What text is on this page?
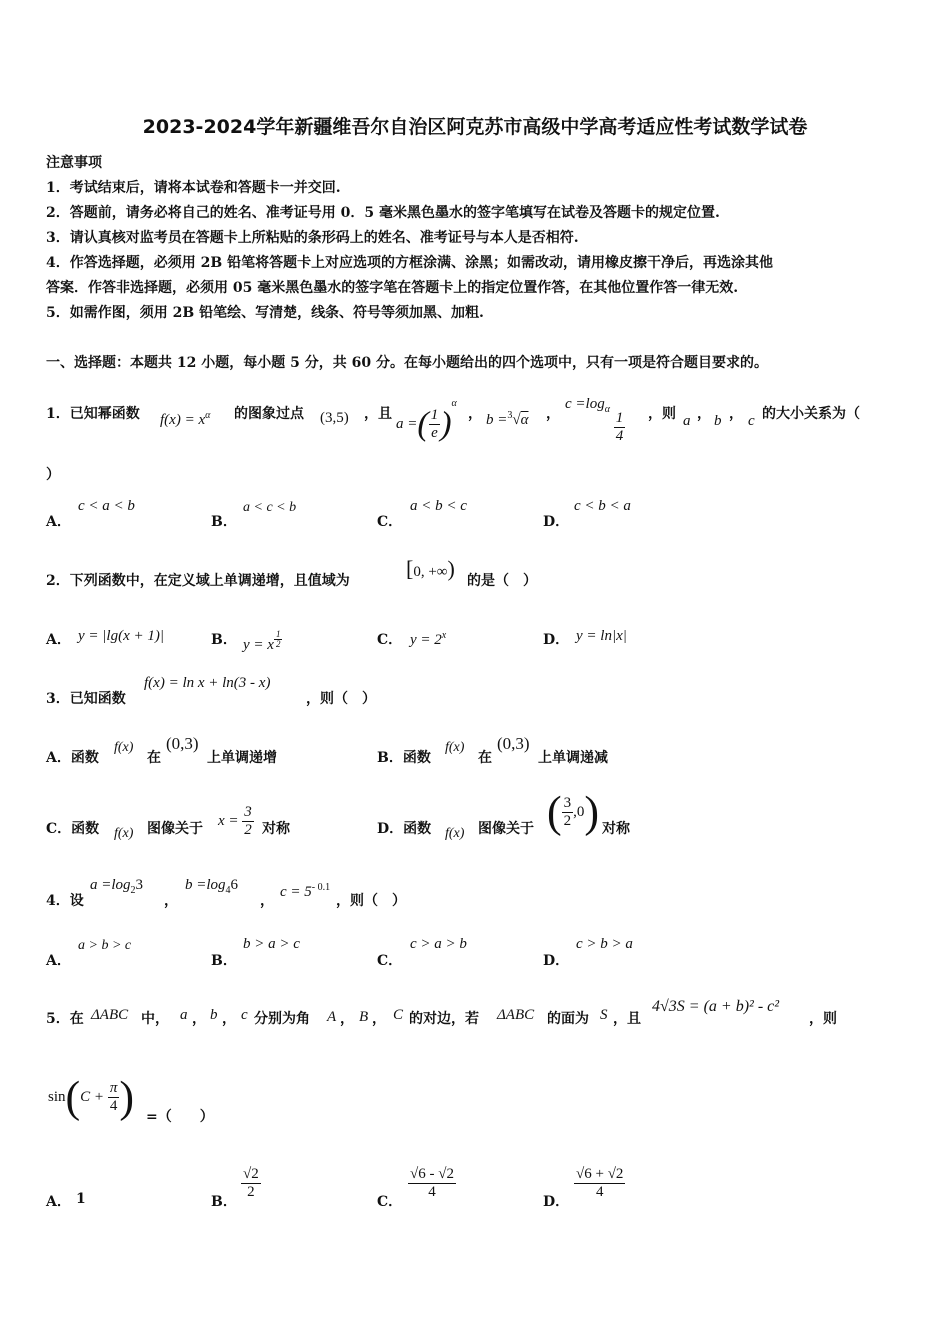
2023-2024学年新疆维吾尔自治区阿克苏市高级中学高考适应性考试数学试卷
注意事项
1．考试结束后，请将本试卷和答题卡一并交回.
2．答题前，请务必将自己的姓名、准考证号用 0．5 毫米黑色墨水的签字笔填写在试卷及答题卡的规定位置.
3．请认真核对监考员在答题卡上所粘贴的条形码上的姓名、准考证号与本人是否相符.
4．作答选择题，必须用 2B 铅笔将答题卡上对应选项的方框涂满、涂黑；如需改动，请用橡皮擦干净后，再选涂其他
答案．作答非选择题，必须用 05 毫米黑色墨水的签字笔在答题卡上的指定位置作答，在其他位置作答一律无效.
5．如需作图，须用 2B 铅笔绘、写清楚，线条、符号等须加黑、加粗.
一、选择题：本题共 12 小题，每小题 5 分，共 60 分。在每小题给出的四个选项中，只有一项是符合题目要求的。
1．已知幂函数 $f(x) = x^\alpha$ 的图象过点 (3,5) ，且
a =( $\frac{1}{e} )^\alpha$
， b =$^3$√α ，
$c =\log_\alpha$
$\frac{1}{4}$ ，则 a ， b ， c 的大小关系为（
）
A．
c < a < b
B．
a < c < b
C．
a < b < c
D．
c < b < a
2．下列函数中，在定义域上单调递增，且值域为	[0, +∞) 的是（　）
A． y = |lg(x + 1)|	B． y = x $\frac{1}{2}$	C． $y = 2^x$	D． y = ln|x|
3．已知函数
f(x) = ln x + ln(3 - x)
，则（　）
A．函数
f(x)
在
(0,3)
上单调递增	B．函数
f(x)
在
(0,3)
上单调递减
C．函数 f(x) 图像关于
$x = \frac{3}{2}$ 对称	D．函数 f(x) 图像关于 ( $\frac{3}{2} ,0$) 对称
4．设
$a =\log_23$
，
$b =\log_46$
，
$c = 5^{- 0.1}$
，则（　）
A．
a > b > c
B．
b > a > c
C．
c > a > b
D．
c > b > a
5．在 ΔABC 中， a ， b ， c 分别为角 A ， B ， C 的对边，若 ΔABC 的面为 S ，且
4√3S = (a + b)² - c²
，则
$\sin(C + \frac{\pi}{4}$ ) =（　　）
A． 1	B．
$\frac{√2}{2}$
C．
$\frac{√6 - √2}{4}$
D．
$\frac{√6 + √2}{4}$
